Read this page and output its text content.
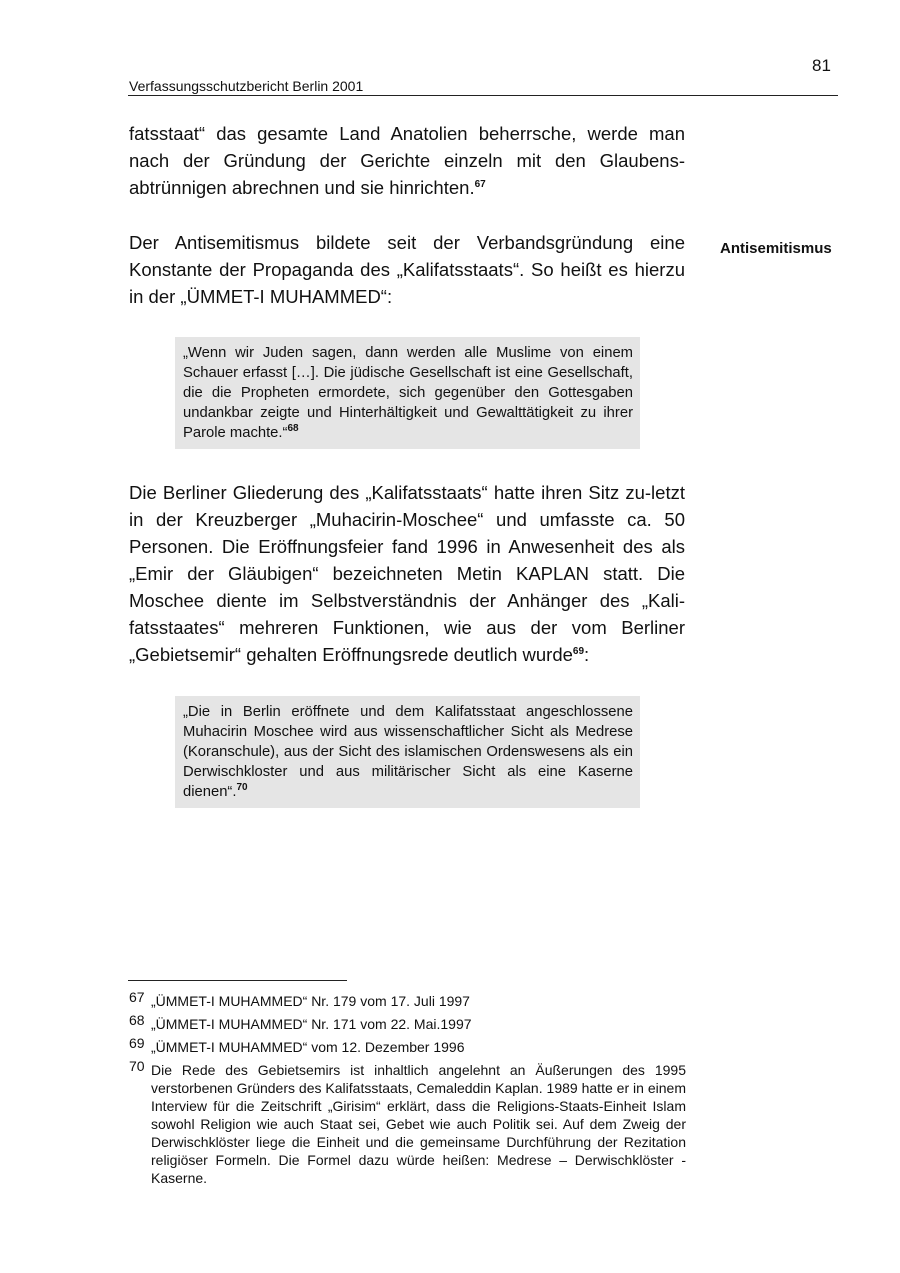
81
Verfassungsschutzbericht Berlin 2001

fatsstaat“ das gesamte Land Anatolien beherrsche, werde man nach der Gründung der Gerichte einzeln mit den Glaubens-abtrünnigen abrechnen und sie hinrichten.$^{67}$

Antisemitismus

Der Antisemitismus bildete seit der Verbandsgründung eine Konstante der Propaganda des „Kalifatsstaats“. So heißt es hierzu in der „ÜMMET-I MUHAMMED“:

„Wenn wir Juden sagen, dann werden alle Muslime von einem Schauer erfasst […]. Die jüdische Gesellschaft ist eine Gesellschaft, die die Propheten ermordete, sich gegenüber den Gottesgaben undankbar zeigte und Hinterhältigkeit und Gewalttätigkeit zu ihrer Parole machte.“$^{68}$

Die Berliner Gliederung des „Kalifatsstaats“ hatte ihren Sitz zu-letzt in der Kreuzberger „Muhacirin-Moschee“ und umfasste ca. 50 Personen. Die Eröffnungsfeier fand 1996 in Anwesenheit des als „Emir der Gläubigen“ bezeichneten Metin KAPLAN statt. Die Moschee diente im Selbstverständnis der Anhänger des „Kali-fatsstaates“ mehreren Funktionen, wie aus der vom Berliner „Gebietsemir“ gehalten Eröffnungsrede deutlich wurde$^{69}$:

„Die in Berlin eröffnete und dem Kalifatsstaat angeschlossene Muhacirin Moschee wird aus wissenschaftlicher Sicht als Medrese (Koranschule), aus der Sicht des islamischen Ordenswesens als ein Derwischkloster und aus militärischer Sicht als eine Kaserne dienen“.$^{70}$

67 „ÜMMET-I MUHAMMED“ Nr. 179 vom 17. Juli 1997
68 „ÜMMET-I MUHAMMED“ Nr. 171 vom 22. Mai.1997
69 „ÜMMET-I MUHAMMED“ vom 12. Dezember 1996
70 Die Rede des Gebietsemirs ist inhaltlich angelehnt an Äußerungen des 1995 verstorbenen Gründers des Kalifatsstaats, Cemaleddin Kaplan. 1989 hatte er in einem Interview für die Zeitschrift „Girisim“ erklärt, dass die Religions-Staats-Einheit Islam sowohl Religion wie auch Staat sei, Gebet wie auch Politik sei. Auf dem Zweig der Derwischklöster liege die Einheit und die gemeinsame Durchführung der Rezitation religiöser Formeln. Die Formel dazu würde heißen: Medrese – Derwischklöster - Kaserne.
